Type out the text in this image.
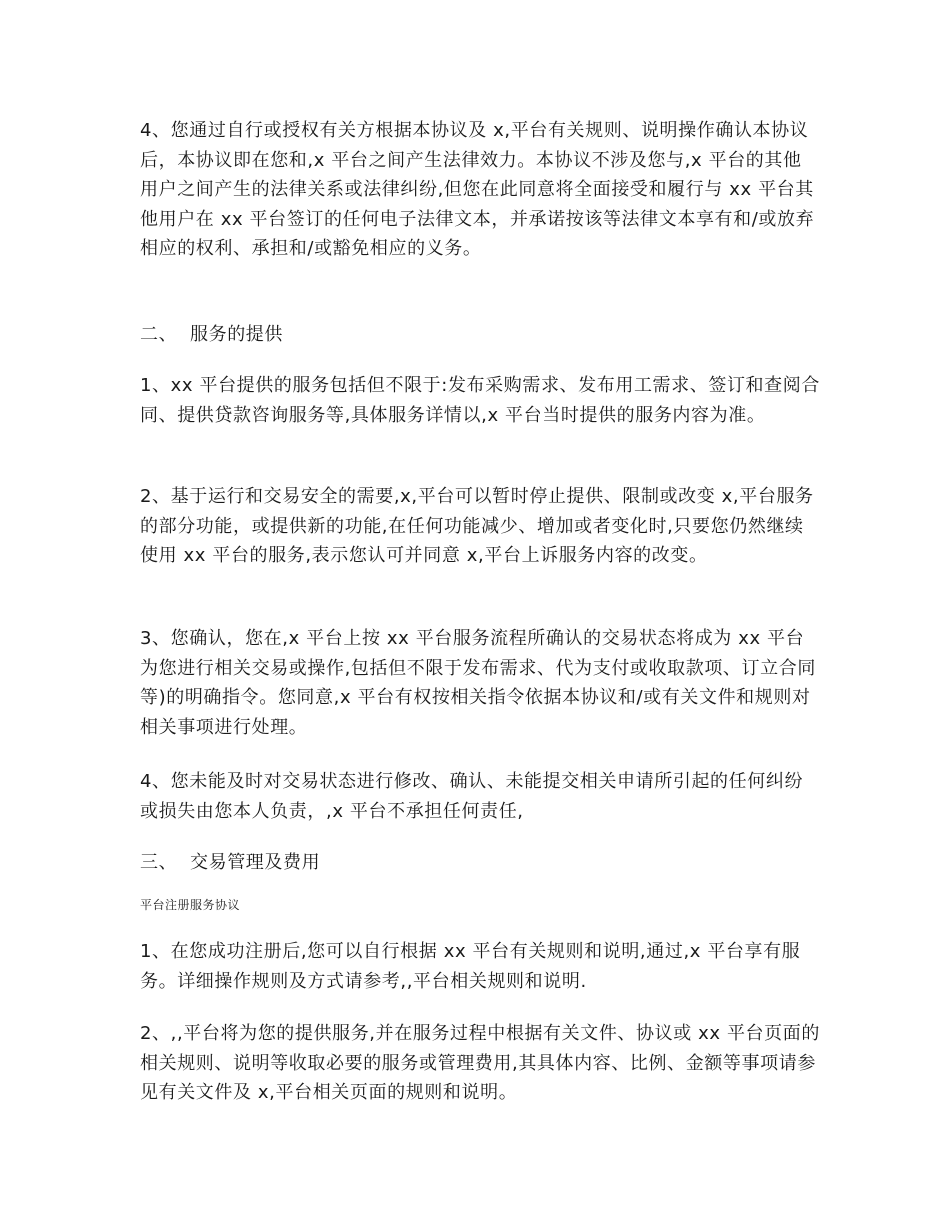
4、您通过自行或授权有关方根据本协议及 x,平台有关规则、说明操作确认本协议后，本协议即在您和,x 平台之间产生法律效力。本协议不涉及您与,x 平台的其他用户之间产生的法律关系或法律纠纷,但您在此同意将全面接受和履行与 xx 平台其他用户在 xx 平台签订的任何电子法律文本，并承诺按该等法律文本享有和/或放弃相应的权利、承担和/或豁免相应的义务。

二、 服务的提供

1、xx 平台提供的服务包括但不限于:发布采购需求、发布用工需求、签订和查阅合同、提供贷款咨询服务等,具体服务详情以,x 平台当时提供的服务内容为准。

2、基于运行和交易安全的需要,x,平台可以暂时停止提供、限制或改变 x,平台服务的部分功能，或提供新的功能,在任何功能减少、增加或者变化时,只要您仍然继续使用 xx 平台的服务,表示您认可并同意 x,平台上诉服务内容的改变。

3、您确认，您在,x 平台上按 xx 平台服务流程所确认的交易状态将成为 xx 平台为您进行相关交易或操作,包括但不限于发布需求、代为支付或收取款项、订立合同等)的明确指令。您同意,x 平台有权按相关指令依据本协议和/或有关文件和规则对相关事项进行处理。

4、您未能及时对交易状态进行修改、确认、未能提交相关申请所引起的任何纠纷或损失由您本人负责，,x 平台不承担任何责任,

三、 交易管理及费用

平台注册服务协议

1、在您成功注册后,您可以自行根据 xx 平台有关规则和说明,通过,x 平台享有服务。详细操作规则及方式请参考,,平台相关规则和说明.

2、,,平台将为您的提供服务,并在服务过程中根据有关文件、协议或 xx 平台页面的相关规则、说明等收取必要的服务或管理费用,其具体内容、比例、金额等事项请参见有关文件及 x,平台相关页面的规则和说明。
